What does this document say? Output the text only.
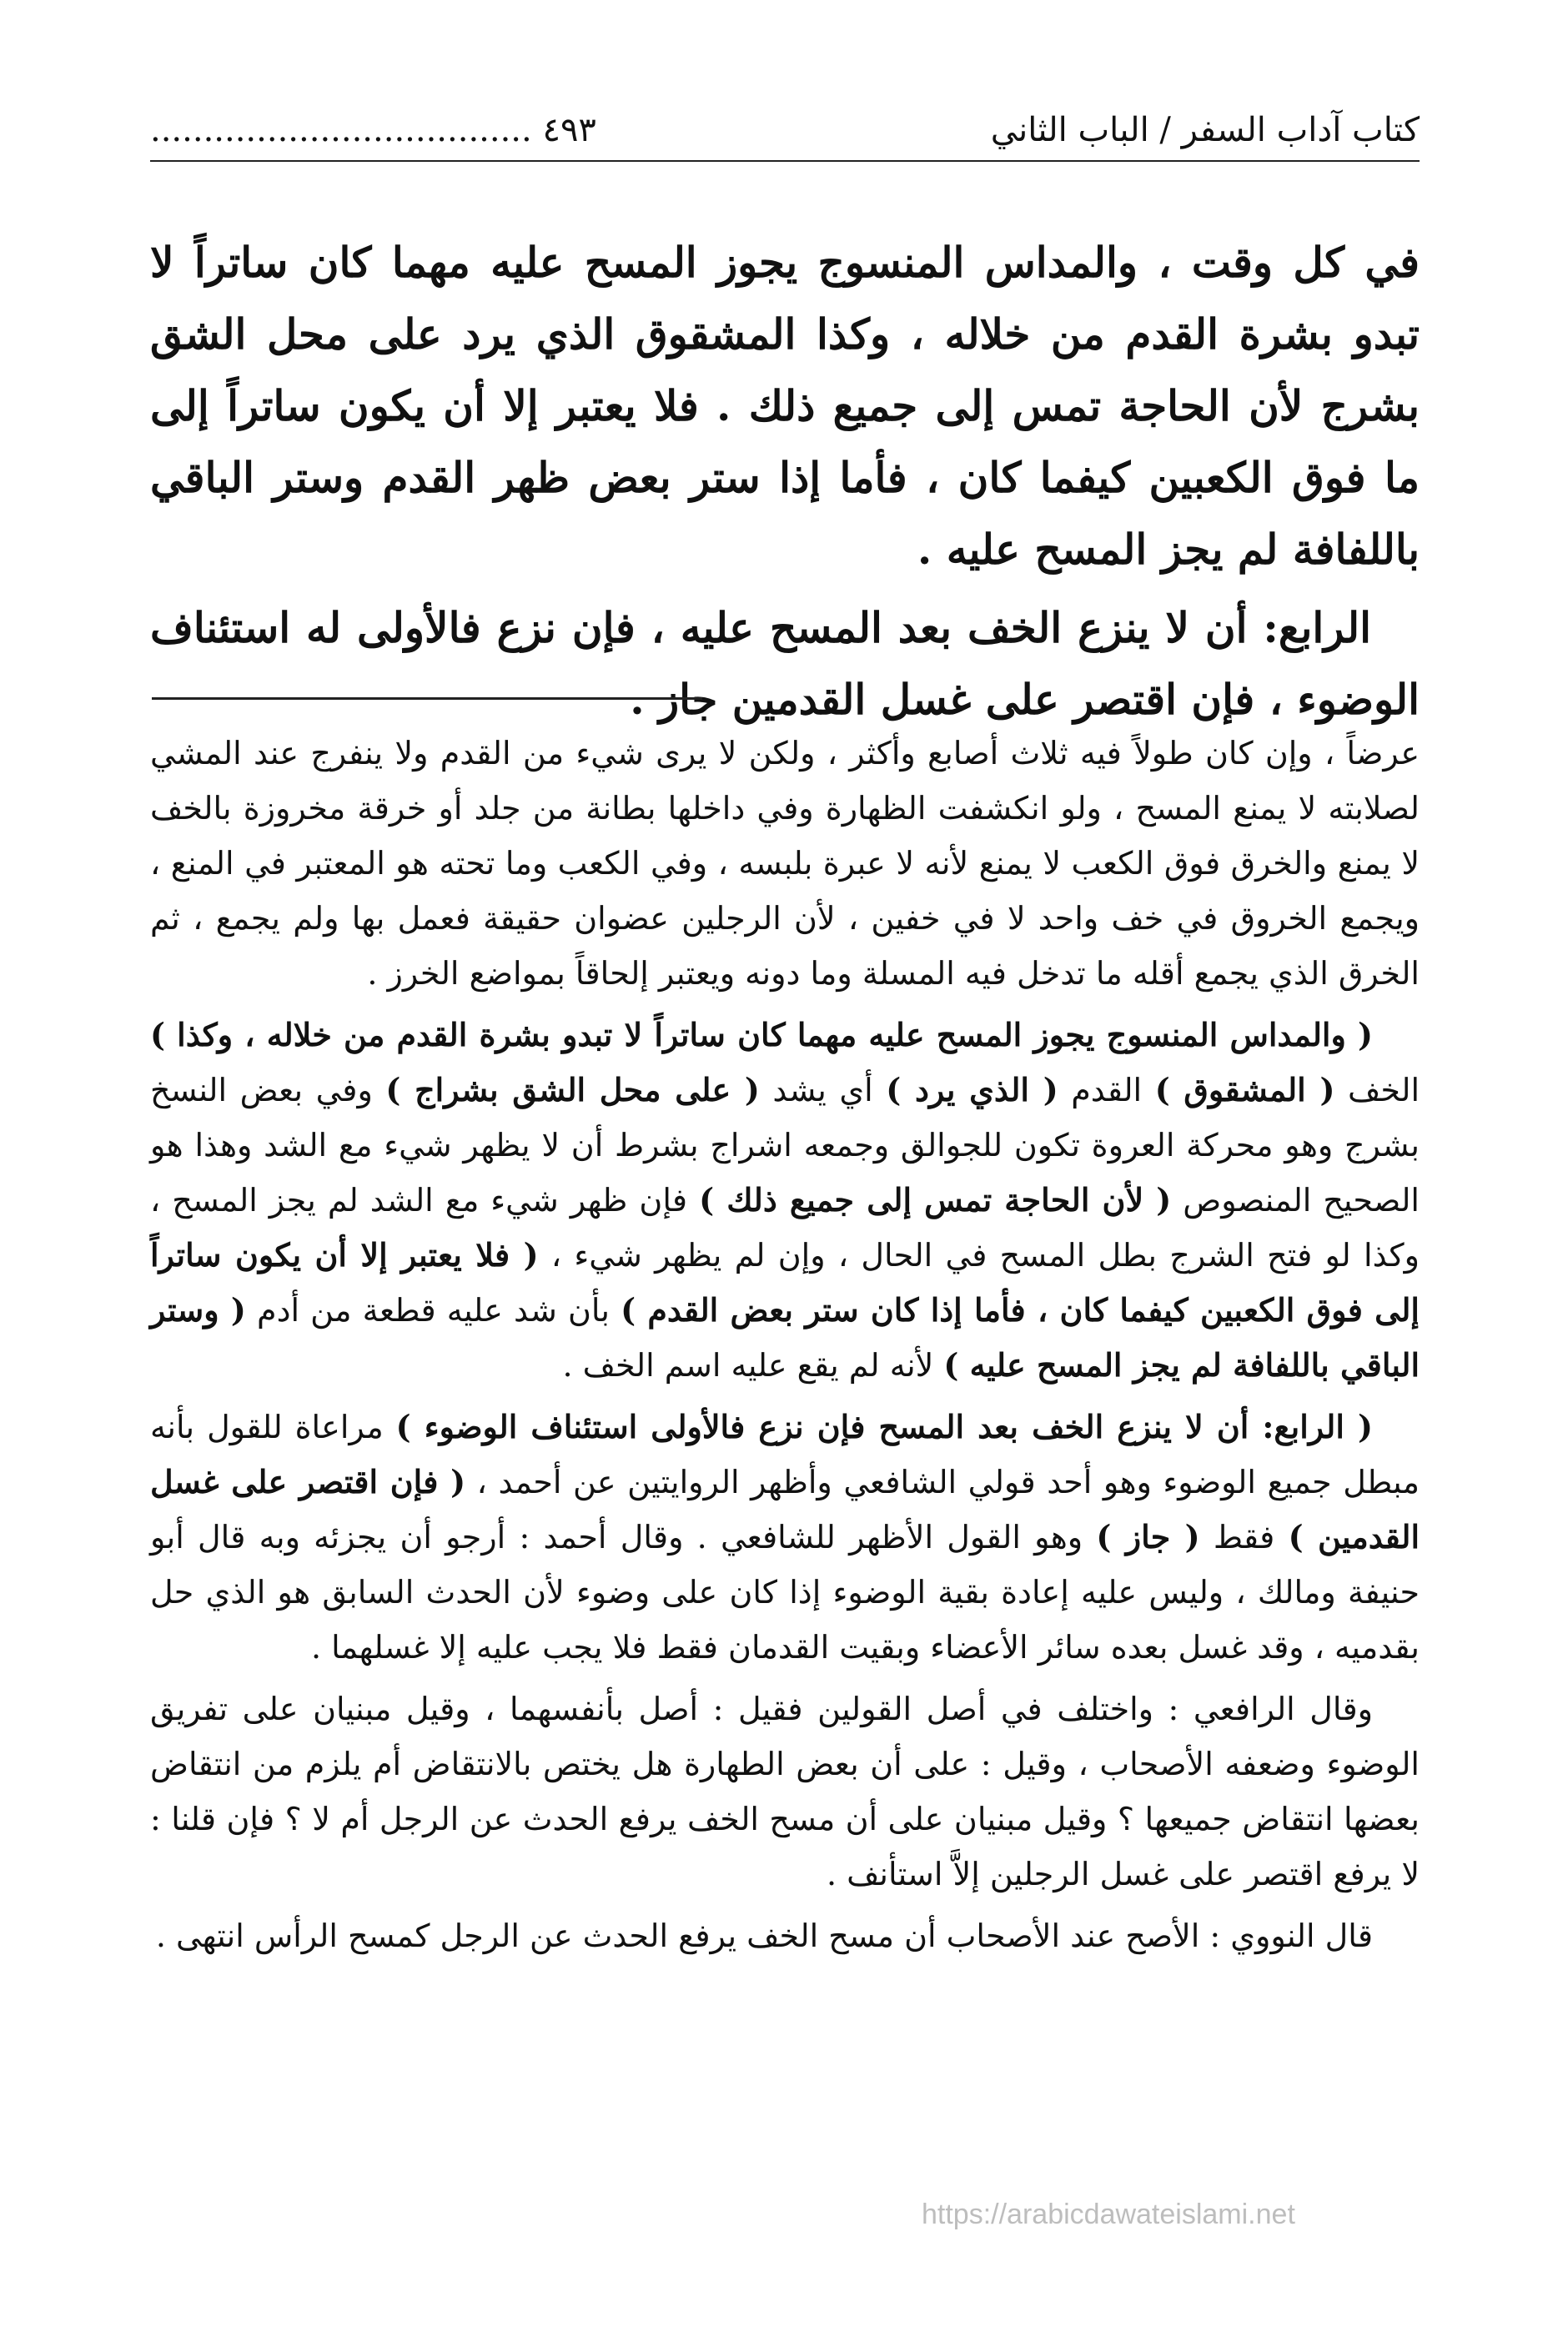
كتاب آداب السفر / الباب الثاني
٤٩٣ ....................................

في كل وقت ، والمداس المنسوج يجوز المسح عليه مهما كان ساتراً لا تبدو بشرة القدم من خلاله ، وكذا المشقوق الذي يرد على محل الشق بشرج لأن الحاجة تمس إلى جميع ذلك . فلا يعتبر إلا أن يكون ساتراً إلى ما فوق الكعبين كيفما كان ، فأما إذا ستر بعض ظهر القدم وستر الباقي باللفافة لم يجز المسح عليه .

الرابع: أن لا ينزع الخف بعد المسح عليه ، فإن نزع فالأولى له استئناف الوضوء ، فإن اقتصر على غسل القدمين جاز .

عرضاً ، وإن كان طولاً فيه ثلاث أصابع وأكثر ، ولكن لا يرى شيء من القدم ولا ينفرج عند المشي لصلابته لا يمنع المسح ، ولو انكشفت الظهارة وفي داخلها بطانة من جلد أو خرقة مخروزة بالخف لا يمنع والخرق فوق الكعب لا يمنع لأنه لا عبرة بلبسه ، وفي الكعب وما تحته هو المعتبر في المنع ، ويجمع الخروق في خف واحد لا في خفين ، لأن الرجلين عضوان حقيقة فعمل بها ولم يجمع ، ثم الخرق الذي يجمع أقله ما تدخل فيه المسلة وما دونه ويعتبر إلحاقاً بمواضع الخرز .

( والمداس المنسوج يجوز المسح عليه مهما كان ساتراً لا تبدو بشرة القدم من خلاله ، وكذا ) الخف ( المشقوق ) القدم ( الذي يرد ) أي يشد ( على محل الشق بشراج ) وفي بعض النسخ بشرج وهو محركة العروة تكون للجوالق وجمعه اشراج بشرط أن لا يظهر شيء مع الشد وهذا هو الصحيح المنصوص ( لأن الحاجة تمس إلى جميع ذلك ) فإن ظهر شيء مع الشد لم يجز المسح ، وكذا لو فتح الشرج بطل المسح في الحال ، وإن لم يظهر شيء ، ( فلا يعتبر إلا أن يكون ساتراً إلى فوق الكعبين كيفما كان ، فأما إذا كان ستر بعض القدم ) بأن شد عليه قطعة من أدم ( وستر الباقي باللفافة لم يجز المسح عليه ) لأنه لم يقع عليه اسم الخف .

( الرابع: أن لا ينزع الخف بعد المسح فإن نزع فالأولى استئناف الوضوء ) مراعاة للقول بأنه مبطل جميع الوضوء وهو أحد قولي الشافعي وأظهر الروايتين عن أحمد ، ( فإن اقتصر على غسل القدمين ) فقط ( جاز ) وهو القول الأظهر للشافعي . وقال أحمد : أرجو أن يجزئه وبه قال أبو حنيفة ومالك ، وليس عليه إعادة بقية الوضوء إذا كان على وضوء لأن الحدث السابق هو الذي حل بقدميه ، وقد غسل بعده سائر الأعضاء وبقيت القدمان فقط فلا يجب عليه إلا غسلهما .

وقال الرافعي : واختلف في أصل القولين فقيل : أصل بأنفسهما ، وقيل مبنيان على تفريق الوضوء وضعفه الأصحاب ، وقيل : على أن بعض الطهارة هل يختص بالانتقاض أم يلزم من انتقاض بعضها انتقاض جميعها ؟ وقيل مبنيان على أن مسح الخف يرفع الحدث عن الرجل أم لا ؟ فإن قلنا : لا يرفع اقتصر على غسل الرجلين إلاَّ استأنف .

قال النووي : الأصح عند الأصحاب أن مسح الخف يرفع الحدث عن الرجل كمسح الرأس انتهى .

https://arabicdawateislami.net
